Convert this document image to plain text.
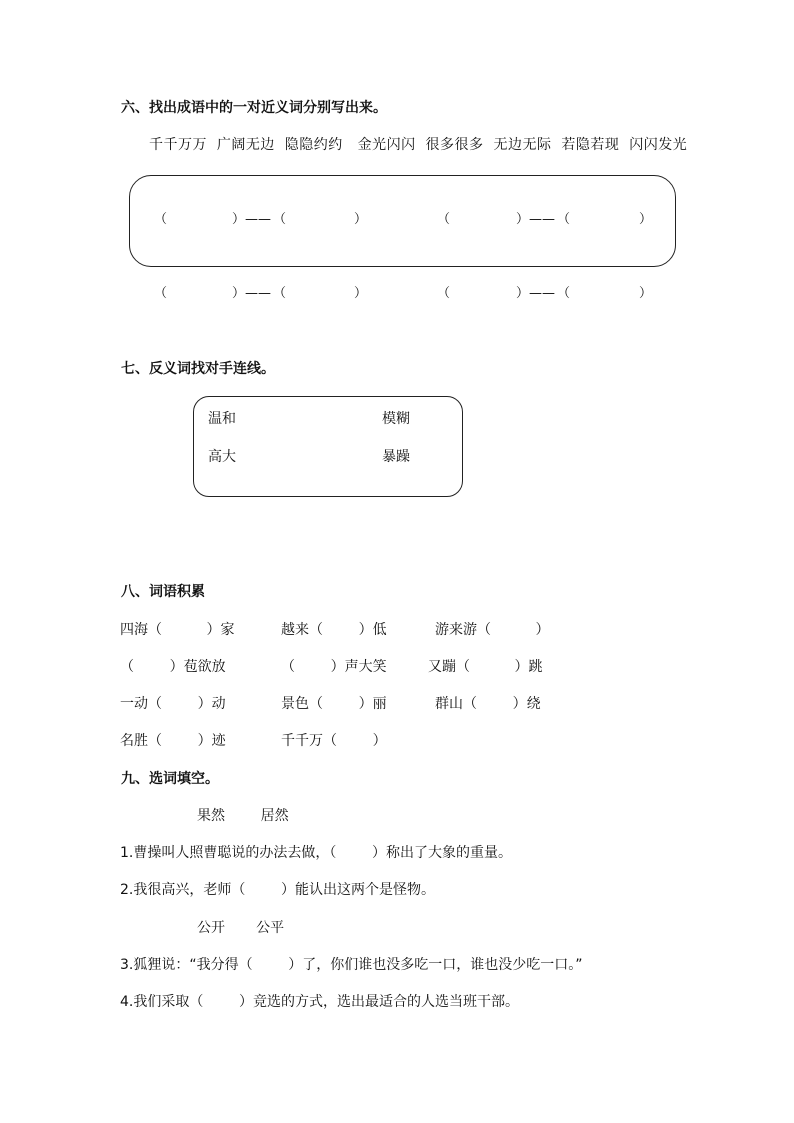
六、找出成语中的一对近义词分别写出来。
千千万万  广阔无边  隐隐约约   金光闪闪  很多很多  无边无际  若隐若现  闪闪发光
（	） —— （	）	（	） —— （	）
（	） —— （	）	（	） —— （	）
七、反义词找对手连线。
温和	模糊
高大	暴躁
八、词语积累
四海（          ）家	越来（        ）低	游来游（          ）
（        ）苞欲放	（        ）声大笑	又蹦（          ）跳
一动（        ）动	景色（        ）丽	群山（        ）绕
名胜（        ）迹	千千万（        ）
九、选词填空。
果然        居然
1.曹操叫人照曹聪说的办法去做，（        ）称出了大象的重量。
2.我很高兴，老师（        ）能认出这两个是怪物。
公开       公平
3.狐狸说：“我分得（        ）了，你们谁也没多吃一口，谁也没少吃一口。”
4.我们采取（        ）竞选的方式，选出最适合的人选当班干部。
